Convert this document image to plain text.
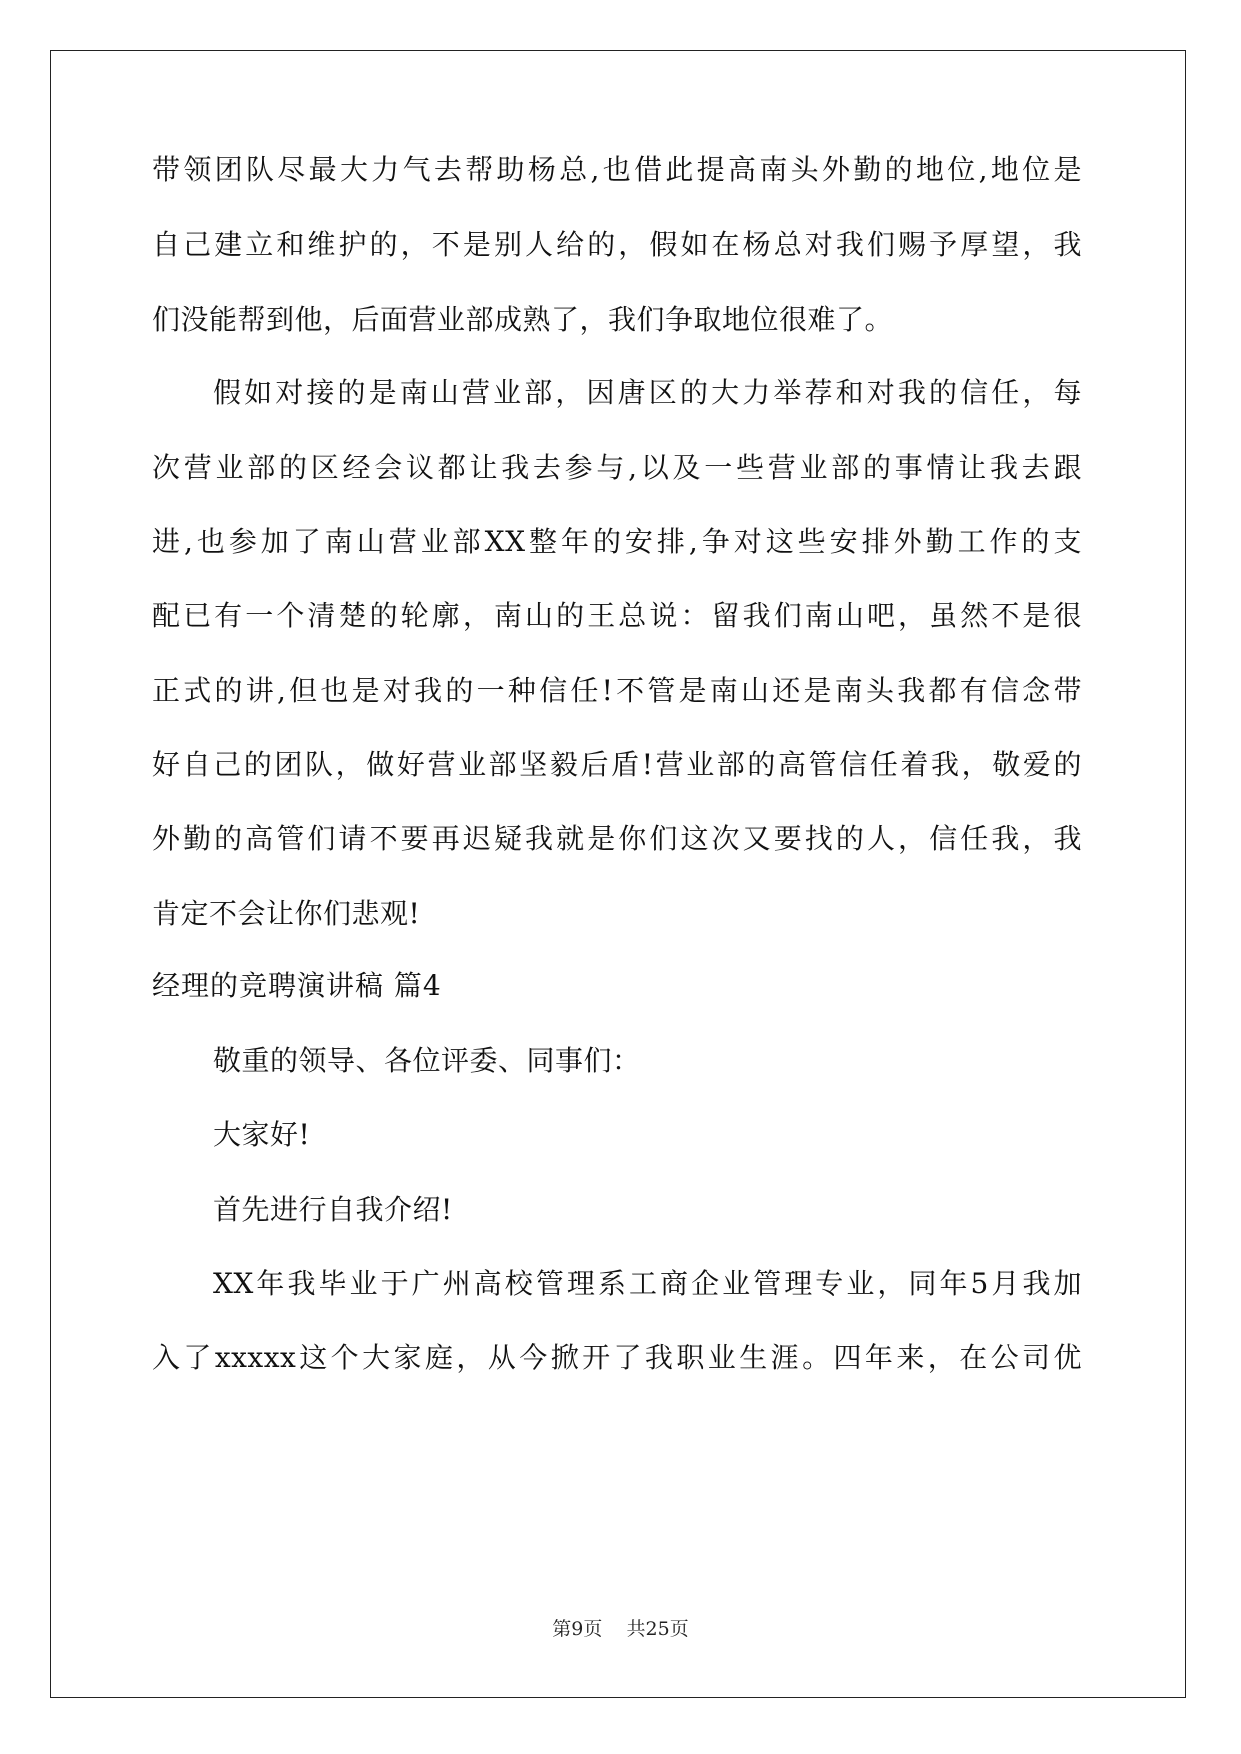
带领团队尽最大力气去帮助杨总,也借此提高南头外勤的地位,地位是
自己建立和维护的，不是别人给的，假如在杨总对我们赐予厚望，我
们没能帮到他，后面营业部成熟了，我们争取地位很难了。
假如对接的是南山营业部，因唐区的大力举荐和对我的信任，每
次营业部的区经会议都让我去参与,以及一些营业部的事情让我去跟
进,也参加了南山营业部XX整年的安排,争对这些安排外勤工作的支
配已有一个清楚的轮廓，南山的王总说：留我们南山吧，虽然不是很
正式的讲,但也是对我的一种信任!不管是南山还是南头我都有信念带
好自己的团队，做好营业部坚毅后盾!营业部的高管信任着我，敬爱的
外勤的高管们请不要再迟疑我就是你们这次又要找的人，信任我，我
肯定不会让你们悲观!
经理的竞聘演讲稿 篇4
敬重的领导、各位评委、同事们：
大家好!
首先进行自我介绍!
XX年我毕业于广州高校管理系工商企业管理专业，同年5月我加
入了xxxxx这个大家庭，从今掀开了我职业生涯。四年来，在公司优
第9页 共25页
